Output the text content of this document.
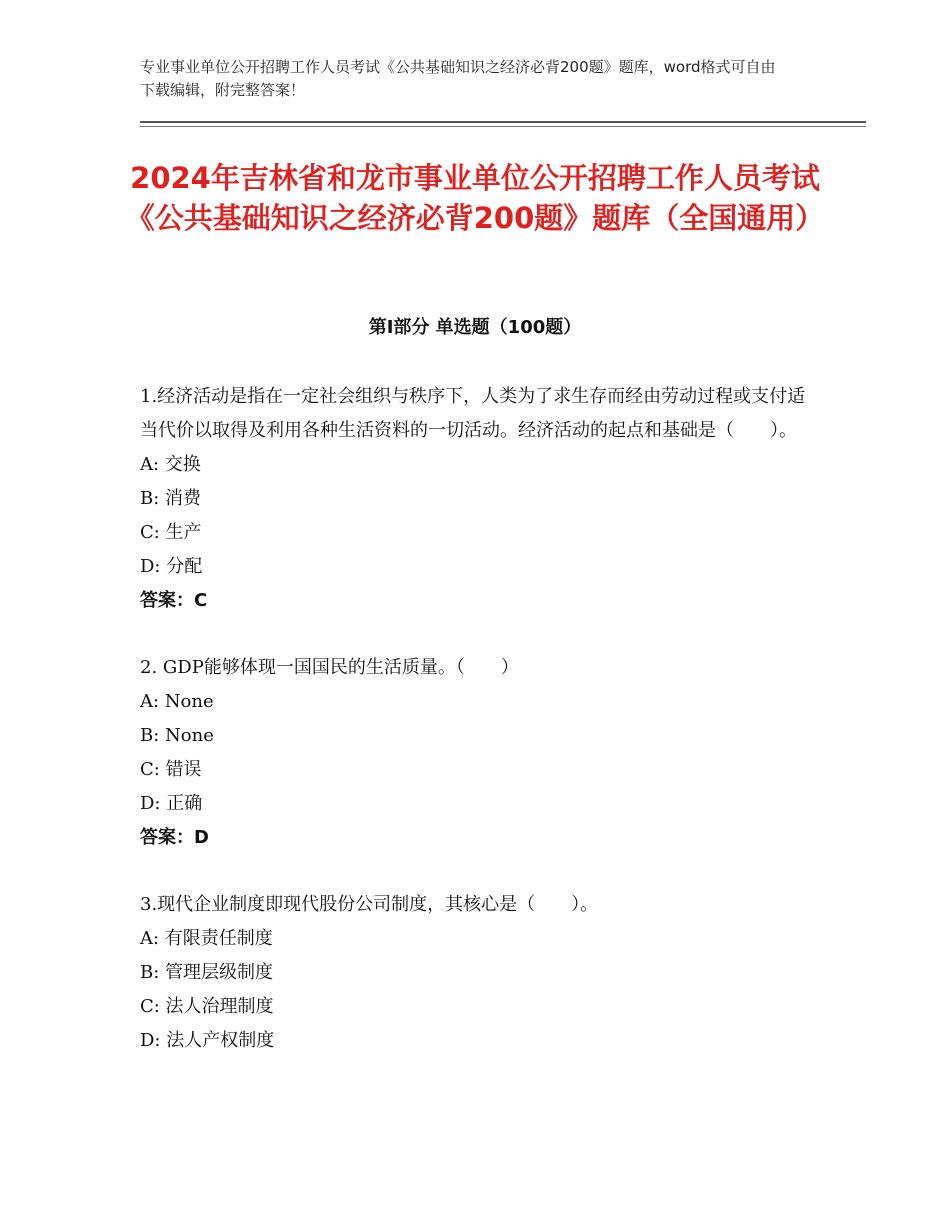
专业事业单位公开招聘工作人员考试《公共基础知识之经济必背200题》题库，word格式可自由下载编辑，附完整答案！
2024年吉林省和龙市事业单位公开招聘工作人员考试《公共基础知识之经济必背200题》题库（全国通用）
第Ⅰ部分 单选题（100题）
1.经济活动是指在一定社会组织与秩序下，人类为了求生存而经由劳动过程或支付适当代价以取得及利用各种生活资料的一切活动。经济活动的起点和基础是（　　）。
A: 交换
B: 消费
C: 生产
D: 分配
答案：C
2. GDP能够体现一国国民的生活质量。（　　）
A: None
B: None
C: 错误
D: 正确
答案：D
3.现代企业制度即现代股份公司制度，其核心是（　　）。
A: 有限责任制度
B: 管理层级制度
C: 法人治理制度
D: 法人产权制度
